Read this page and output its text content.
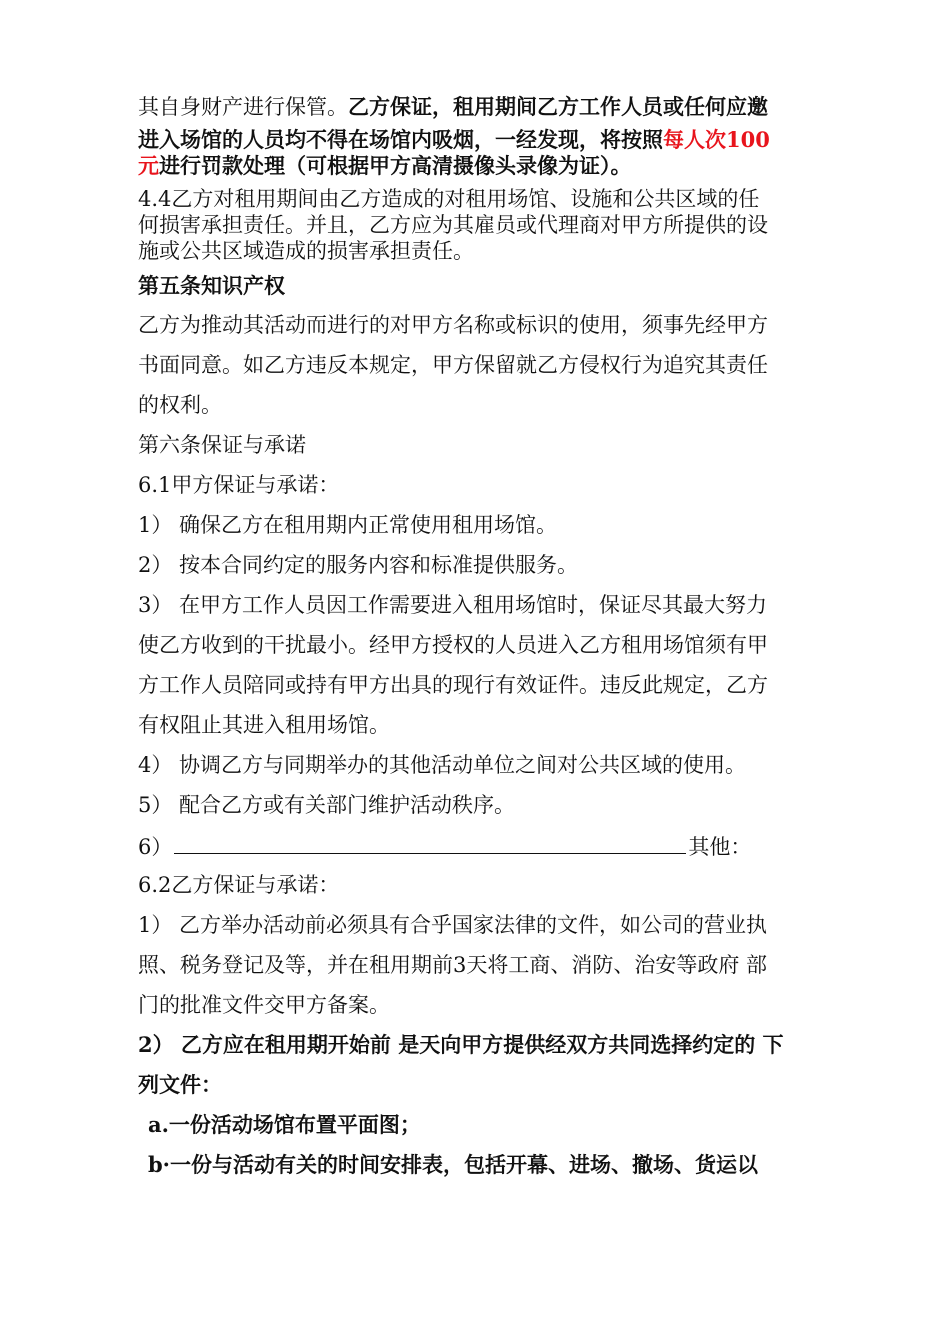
其自身财产进行保管。乙方保证，租用期间乙方工作人员或任何应邀
进入场馆的人员均不得在场馆内吸烟，一经发现，将按照每人次100
元进行罚款处理（可根据甲方高清摄像头录像为证）。
4.4乙方对租用期间由乙方造成的对租用场馆、设施和公共区域的任
何损害承担责任。并且，乙方应为其雇员或代理商对甲方所提供的设
施或公共区域造成的损害承担责任。
第五条知识产权
乙方为推动其活动而进行的对甲方名称或标识的使用，须事先经甲方
书面同意。如乙方违反本规定，甲方保留就乙方侵权行为追究其责任
的权利。
第六条保证与承诺
6.1甲方保证与承诺：
1） 确保乙方在租用期内正常使用租用场馆。
2） 按本合同约定的服务内容和标准提供服务。
3） 在甲方工作人员因工作需要进入租用场馆时，保证尽其最大努力
使乙方收到的干扰最小。经甲方授权的人员进入乙方租用场馆须有甲
方工作人员陪同或持有甲方出具的现行有效证件。违反此规定，乙方
有权阻止其进入租用场馆。
4） 协调乙方与同期举办的其他活动单位之间对公共区域的使用。
5） 配合乙方或有关部门维护活动秩序。
6）	其他：
6.2乙方保证与承诺：
1） 乙方举办活动前必须具有合乎国家法律的文件，如公司的营业执
照、税务登记及等，并在租用期前3天将工商、消防、治安等政府 部
门的批准文件交甲方备案。
2） 乙方应在租用期开始前 是天向甲方提供经双方共同选择约定的 下
列文件：
a.一份活动场馆布置平面图；
b·一份与活动有关的时间安排表，包括开幕、进场、撤场、货运以
